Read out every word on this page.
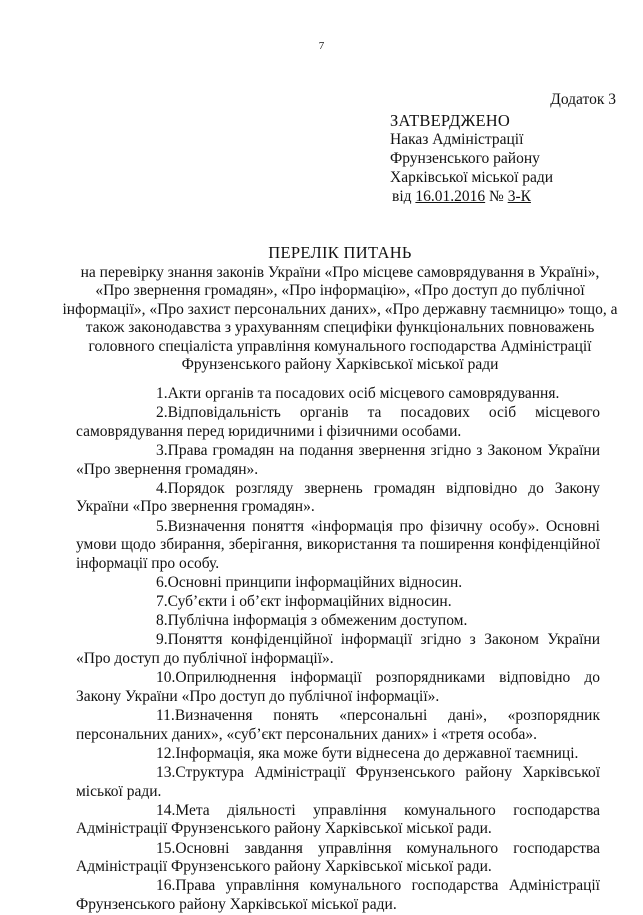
7
Додаток 3
ЗАТВЕРДЖЕНО
Наказ Адміністрації
Фрунзенського району
Харківської міської ради
від 16.01.2016 № 3-К
ПЕРЕЛІК ПИТАНЬ
на перевірку знання законів України «Про місцеве самоврядування в Україні»,
«Про звернення громадян», «Про інформацію», «Про доступ до публічної
інформації», «Про захист персональних даних», «Про державну таємницю» тощо, а
також законодавства з урахуванням специфіки функціональних повноважень
головного спеціаліста управління комунального господарства Адміністрації
Фрунзенського району Харківської міської ради

1.Акти органів та посадових осіб місцевого самоврядування.

2.Відповідальність органів та посадових осіб місцевого самоврядування перед юридичними і фізичними особами.

3.Права громадян на подання звернення згідно з Законом України «Про звернення громадян».

4.Порядок розгляду звернень громадян відповідно до Закону України «Про звернення громадян».

5.Визначення поняття «інформація про фізичну особу». Основні умови щодо збирання, зберігання, використання та поширення конфіденційної інформації про особу.

6.Основні принципи інформаційних відносин.

7.Суб’єкти і об’єкт інформаційних відносин.

8.Публічна інформація з обмеженим доступом.

9.Поняття конфіденційної інформації згідно з Законом України «Про доступ до публічної інформації».

10.Оприлюднення інформації розпорядниками відповідно до Закону України «Про доступ до публічної інформації».

11.Визначення понять «персональні дані», «розпорядник персональних даних», «суб’єкт персональних даних» і «третя особа».

12.Інформація, яка може бути віднесена до державної таємниці.

13.Структура Адміністрації Фрунзенського району Харківської міської ради.

14.Мета діяльності управління комунального господарства Адміністрації Фрунзенського району Харківської міської ради.

15.Основні завдання управління комунального господарства Адміністрації Фрунзенського району Харківської міської ради.

16.Права управління комунального господарства Адміністрації Фрунзенського району Харківської міської ради.
